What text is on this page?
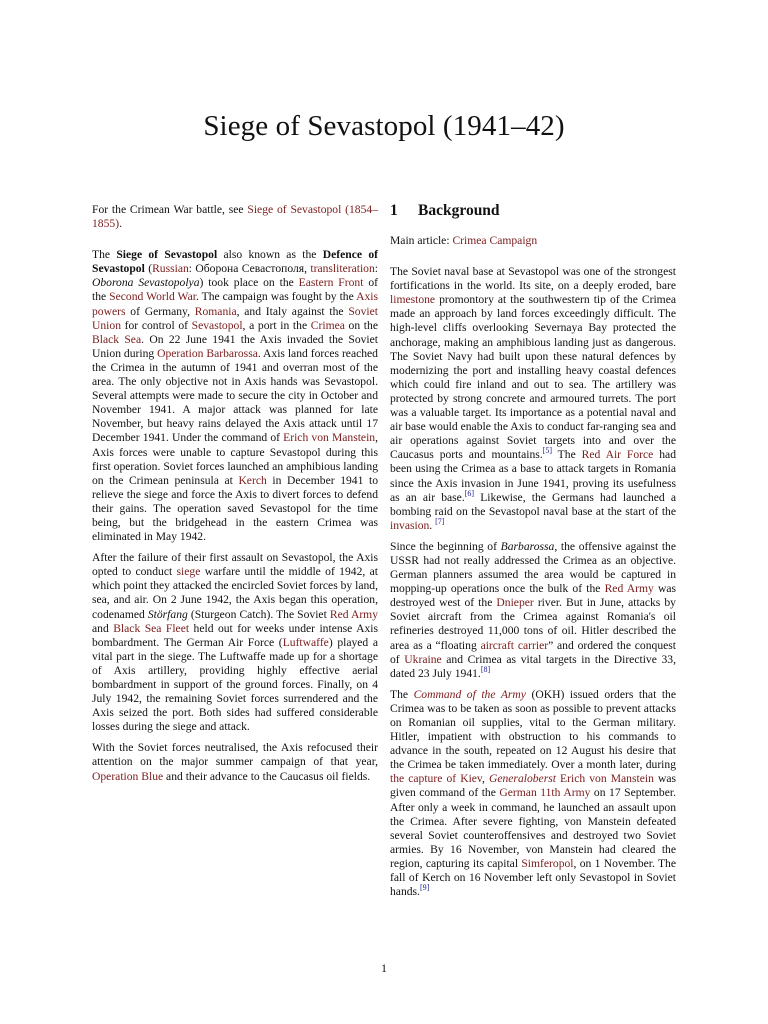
Siege of Sevastopol (1941–42)

For the Crimean War battle, see Siege of Sevastopol (1854–1855).

The Siege of Sevastopol also known as the Defence of Sevastopol (Russian: Оборона Севастополя, transliteration: Oborona Sevastopolya) took place on the Eastern Front of the Second World War. The campaign was fought by the Axis powers of Germany, Romania, and Italy against the Soviet Union for control of Sevastopol, a port in the Crimea on the Black Sea. On 22 June 1941 the Axis invaded the Soviet Union during Operation Barbarossa. Axis land forces reached the Crimea in the autumn of 1941 and overran most of the area. The only objective not in Axis hands was Sevastopol. Several attempts were made to secure the city in October and November 1941. A major attack was planned for late November, but heavy rains delayed the Axis attack until 17 December 1941. Under the command of Erich von Manstein, Axis forces were unable to capture Sevastopol during this first operation. Soviet forces launched an amphibious landing on the Crimean peninsula at Kerch in December 1941 to relieve the siege and force the Axis to divert forces to defend their gains. The operation saved Sevastopol for the time being, but the bridgehead in the eastern Crimea was eliminated in May 1942.

After the failure of their first assault on Sevastopol, the Axis opted to conduct siege warfare until the middle of 1942, at which point they attacked the encircled Soviet forces by land, sea, and air. On 2 June 1942, the Axis began this operation, codenamed Störfang (Sturgeon Catch). The Soviet Red Army and Black Sea Fleet held out for weeks under intense Axis bombardment. The German Air Force (Luftwaffe) played a vital part in the siege. The Luftwaffe made up for a shortage of Axis artillery, providing highly effective aerial bombardment in support of the ground forces. Finally, on 4 July 1942, the remaining Soviet forces surrendered and the Axis seized the port. Both sides had suffered considerable losses during the siege and attack.

With the Soviet forces neutralised, the Axis refocused their attention on the major summer campaign of that year, Operation Blue and their advance to the Caucasus oil fields.

1 Background

Main article: Crimea Campaign

The Soviet naval base at Sevastopol was one of the strongest fortifications in the world. Its site, on a deeply eroded, bare limestone promontory at the southwestern tip of the Crimea made an approach by land forces exceedingly difficult. The high-level cliffs overlooking Severnaya Bay protected the anchorage, making an amphibious landing just as dangerous. The Soviet Navy had built upon these natural defences by modernizing the port and installing heavy coastal defences which could fire inland and out to sea. The artillery was protected by strong concrete and armoured turrets. The port was a valuable target. Its importance as a potential naval and air base would enable the Axis to conduct far-ranging sea and air operations against Soviet targets into and over the Caucasus ports and mountains.[5] The Red Air Force had been using the Crimea as a base to attack targets in Romania since the Axis invasion in June 1941, proving its usefulness as an air base.[6] Likewise, the Germans had launched a bombing raid on the Sevastopol naval base at the start of the invasion. [7]

Since the beginning of Barbarossa, the offensive against the USSR had not really addressed the Crimea as an objective. German planners assumed the area would be captured in mopping-up operations once the bulk of the Red Army was destroyed west of the Dnieper river. But in June, attacks by Soviet aircraft from the Crimea against Romania's oil refineries destroyed 11,000 tons of oil. Hitler described the area as a “floating aircraft carrier” and ordered the conquest of Ukraine and Crimea as vital targets in the Directive 33, dated 23 July 1941.[8]

The Command of the Army (OKH) issued orders that the Crimea was to be taken as soon as possible to prevent attacks on Romanian oil supplies, vital to the German military. Hitler, impatient with obstruction to his commands to advance in the south, repeated on 12 August his desire that the Crimea be taken immediately. Over a month later, during the capture of Kiev, Generaloberst Erich von Manstein was given command of the German 11th Army on 17 September. After only a week in command, he launched an assault upon the Crimea. After severe fighting, von Manstein defeated several Soviet counteroffensives and destroyed two Soviet armies. By 16 November, von Manstein had cleared the region, capturing its capital Simferopol, on 1 November. The fall of Kerch on 16 November left only Sevastopol in Soviet hands.[9]

1
